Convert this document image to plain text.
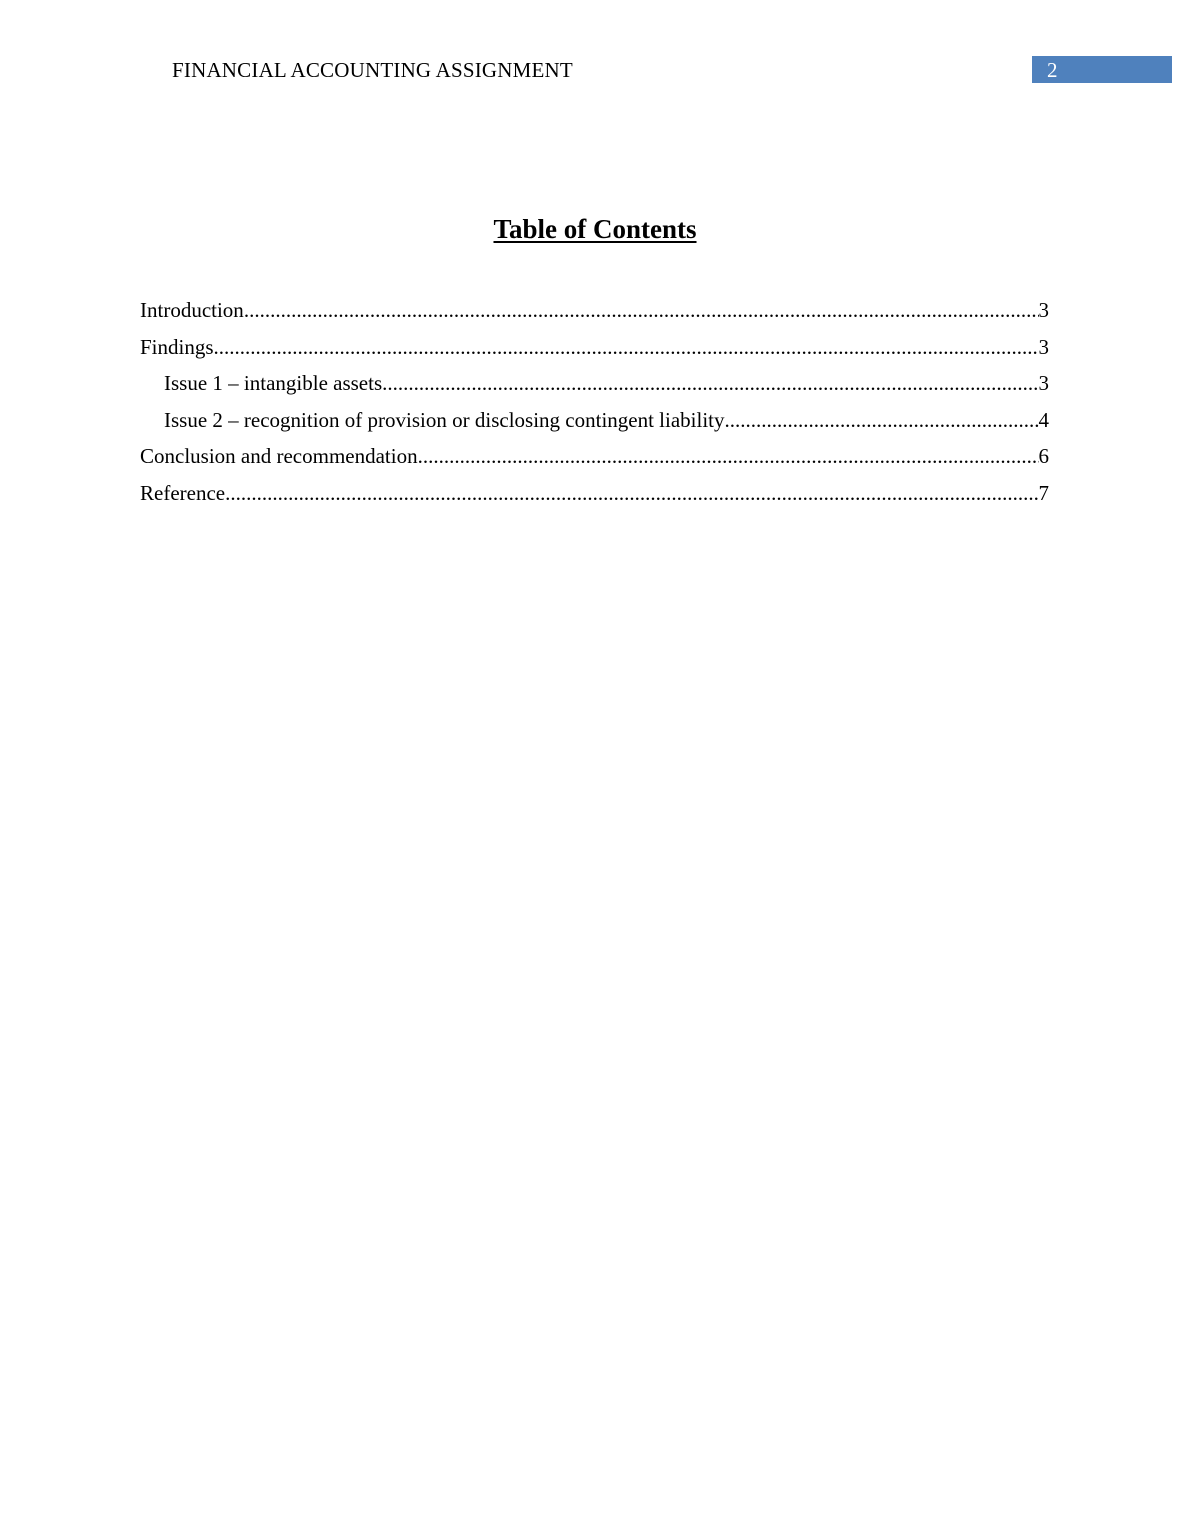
FINANCIAL ACCOUNTING ASSIGNMENT	2
Table of Contents
Introduction .....	3
Findings .....	3
Issue 1 – intangible assets .....	3
Issue 2 – recognition of provision or disclosing contingent liability .....	4
Conclusion and recommendation .....	6
Reference .....	7
